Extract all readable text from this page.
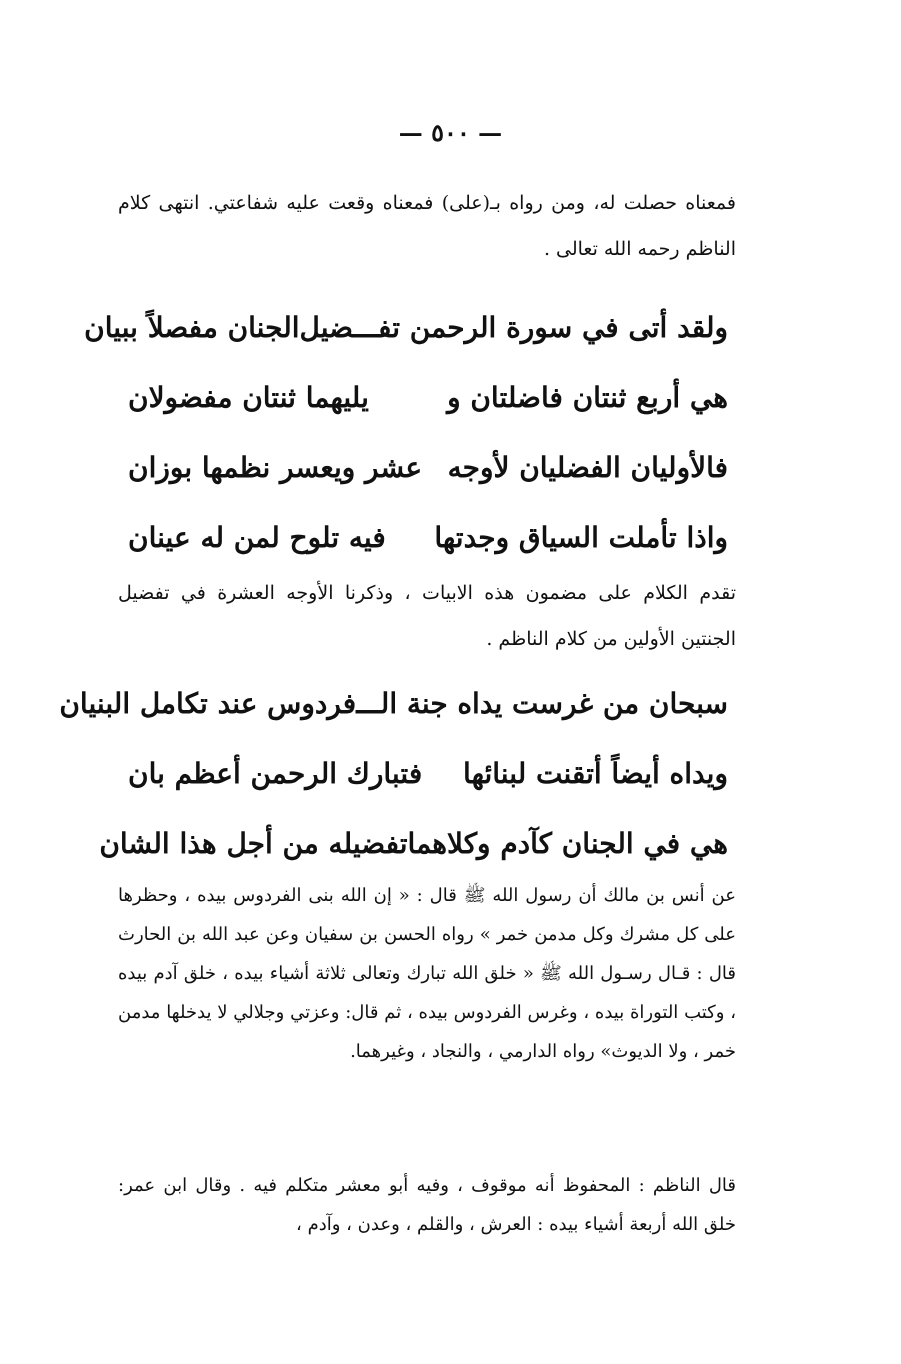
— ٥٠٠ —

فمعناه حصلت له، ومن رواه بـ(على) فمعناه وقعت عليه شفاعتي. انتهى كلام الناظم رحمه الله تعالى .

ولقد أتى في سورة الرحمن تفـــضيل
الجنان مفصلاً ببيان
هي أربع ثنتان فاضلتان و
يليهما ثنتان مفضولان
فالأوليان الفضليان لأوجه
عشر ويعسر نظمها بوزان
واذا تأملت السياق وجدتها
فيه تلوح لمن له عينان

تقدم الكلام على مضمون هذه الابيات ، وذكرنا الأوجه العشرة في تفضيل الجنتين الأولين من كلام الناظم .

سبحان من غرست يداه جنة الـــ
فردوس عند تكامل البنيان
ويداه أيضاً أتقنت لبنائها
فتبارك الرحمن أعظم بان
هي في الجنان كآدم وكلاهما
تفضيله من أجل هذا الشان

عن أنس بن مالك أن رسول الله ﷺ قال : « إن الله بنى الفردوس بيده ، وحظرها على كل مشرك وكل مدمن خمر » رواه الحسن بن سفيان وعن عبد الله بن الحارث قال : قـال رسـول الله ﷺ « خلق الله تبارك وتعالى ثلاثة أشياء بيده ، خلق آدم بيده ، وكتب التوراة بيده ، وغرس الفردوس بيده ، ثم قال: وعزتي وجلالي لا يدخلها مدمن خمر ، ولا الديوث» رواه الدارمي ، والنجاد ، وغيرهما.

قال الناظم : المحفوظ أنه موقوف ، وفيه أبو معشر متكلم فيه . وقال ابن عمر: خلق الله أربعة أشياء بيده : العرش ، والقلم ، وعدن ، وآدم ،
